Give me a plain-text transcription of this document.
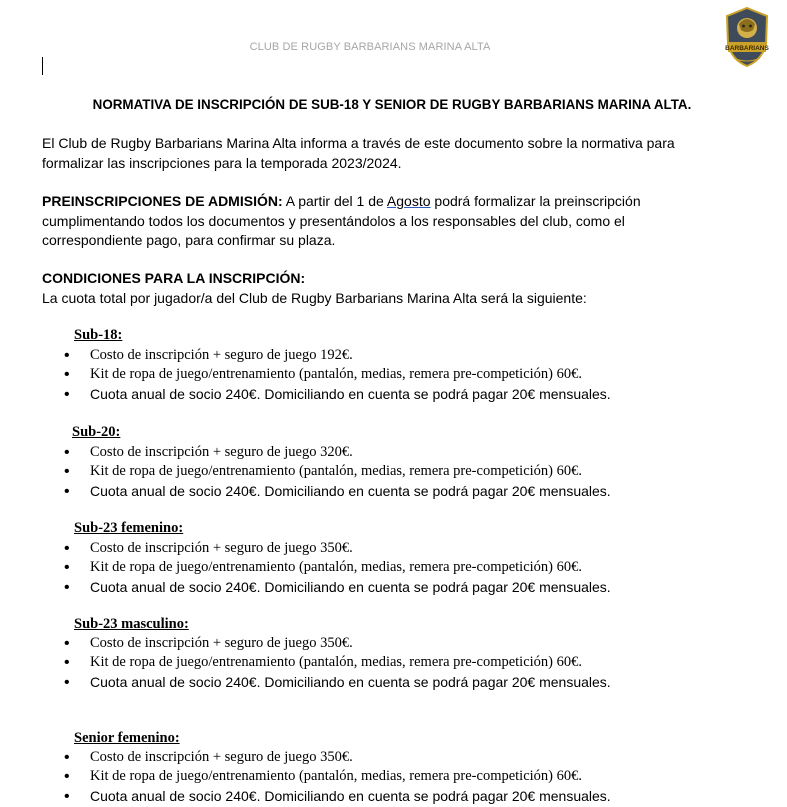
CLUB DE RUGBY BARBARIANS MARINA ALTA	BARBARIANS
NORMATIVA DE INSCRIPCIÓN DE SUB-18 Y SENIOR DE RUGBY BARBARIANS MARINA ALTA.
El Club de Rugby Barbarians Marina Alta informa a través de este documento sobre la normativa para
formalizar las inscripciones para la temporada 2023/2024.
PREINSCRIPCIONES DE ADMISIÓN: A partir del 1 de Agosto podrá formalizar la preinscripción
cumplimentando todos los documentos y presentándolos a los responsables del club, como el
correspondiente pago, para confirmar su plaza.
CONDICIONES PARA LA INSCRIPCIÓN:
La cuota total por jugador/a del Club de Rugby Barbarians Marina Alta será la siguiente:
Sub-18:
• Costo de inscripción + seguro de juego 192€.
• Kit de ropa de juego/entrenamiento (pantalón, medias, remera pre-competición) 60€.
• Cuota anual de socio 240€. Domiciliando en cuenta se podrá pagar 20€ mensuales.
Sub-20:
• Costo de inscripción + seguro de juego 320€.
• Kit de ropa de juego/entrenamiento (pantalón, medias, remera pre-competición) 60€.
• Cuota anual de socio 240€. Domiciliando en cuenta se podrá pagar 20€ mensuales.
Sub-23 femenino:
• Costo de inscripción + seguro de juego 350€.
• Kit de ropa de juego/entrenamiento (pantalón, medias, remera pre-competición) 60€.
• Cuota anual de socio 240€. Domiciliando en cuenta se podrá pagar 20€ mensuales.
Sub-23 masculino:
• Costo de inscripción + seguro de juego 350€.
• Kit de ropa de juego/entrenamiento (pantalón, medias, remera pre-competición) 60€.
• Cuota anual de socio 240€. Domiciliando en cuenta se podrá pagar 20€ mensuales.
Senior femenino:
• Costo de inscripción + seguro de juego 350€.
• Kit de ropa de juego/entrenamiento (pantalón, medias, remera pre-competición) 60€.
• Cuota anual de socio 240€. Domiciliando en cuenta se podrá pagar 20€ mensuales.
